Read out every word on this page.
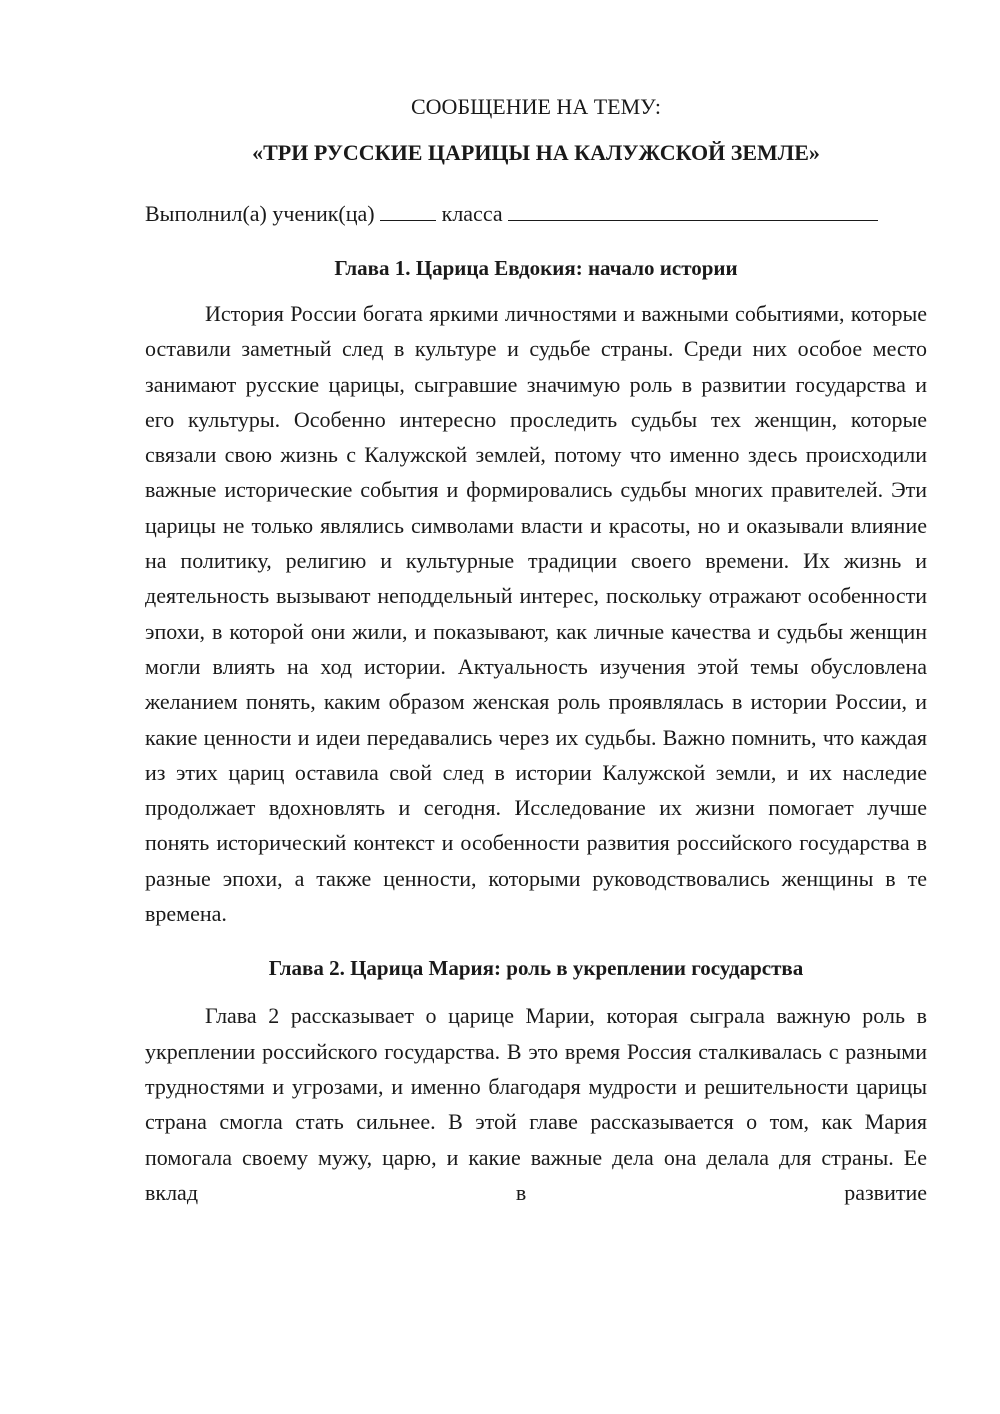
СООБЩЕНИЕ НА ТЕМУ:

«ТРИ РУССКИЕ ЦАРИЦЫ НА КАЛУЖСКОЙ ЗЕМЛЕ»

Выполнил(а) ученик(ца)	класса
Глава 1. Царица Евдокия: начало истории

История России богата яркими личностями и важными событиями, которые оставили заметный след в культуре и судьбе страны. Среди них особое место занимают русские царицы, сыгравшие значимую роль в развитии государства и его культуры. Особенно интересно проследить судьбы тех женщин, которые связали свою жизнь с Калужской землей, потому что именно здесь происходили важные исторические события и формировались судьбы многих правителей. Эти царицы не только являлись символами власти и красоты, но и оказывали влияние на политику, религию и культурные традиции своего времени. Их жизнь и деятельность вызывают неподдельный интерес, поскольку отражают особенности эпохи, в которой они жили, и показывают, как личные качества и судьбы женщин могли влиять на ход истории. Актуальность изучения этой темы обусловлена желанием понять, каким образом женская роль проявлялась в истории России, и какие ценности и идеи передавались через их судьбы. Важно помнить, что каждая из этих цариц оставила свой след в истории Калужской земли, и их наследие продолжает вдохновлять и сегодня. Исследование их жизни помогает лучше понять исторический контекст и особенности развития российского государства в разные эпохи, а также ценности, которыми руководствовались женщины в те времена.

Глава 2. Царица Мария: роль в укреплении государства

Глава 2 рассказывает о царице Марии, которая сыграла важную роль в укреплении российского государства. В это время Россия сталкивалась с разными трудностями и угрозами, и именно благодаря мудрости и решительности царицы страна смогла стать сильнее. В этой главе рассказывается о том, как Мария помогала своему мужу, царю, и какие важные дела она делала для страны. Ее вклад в развитие
